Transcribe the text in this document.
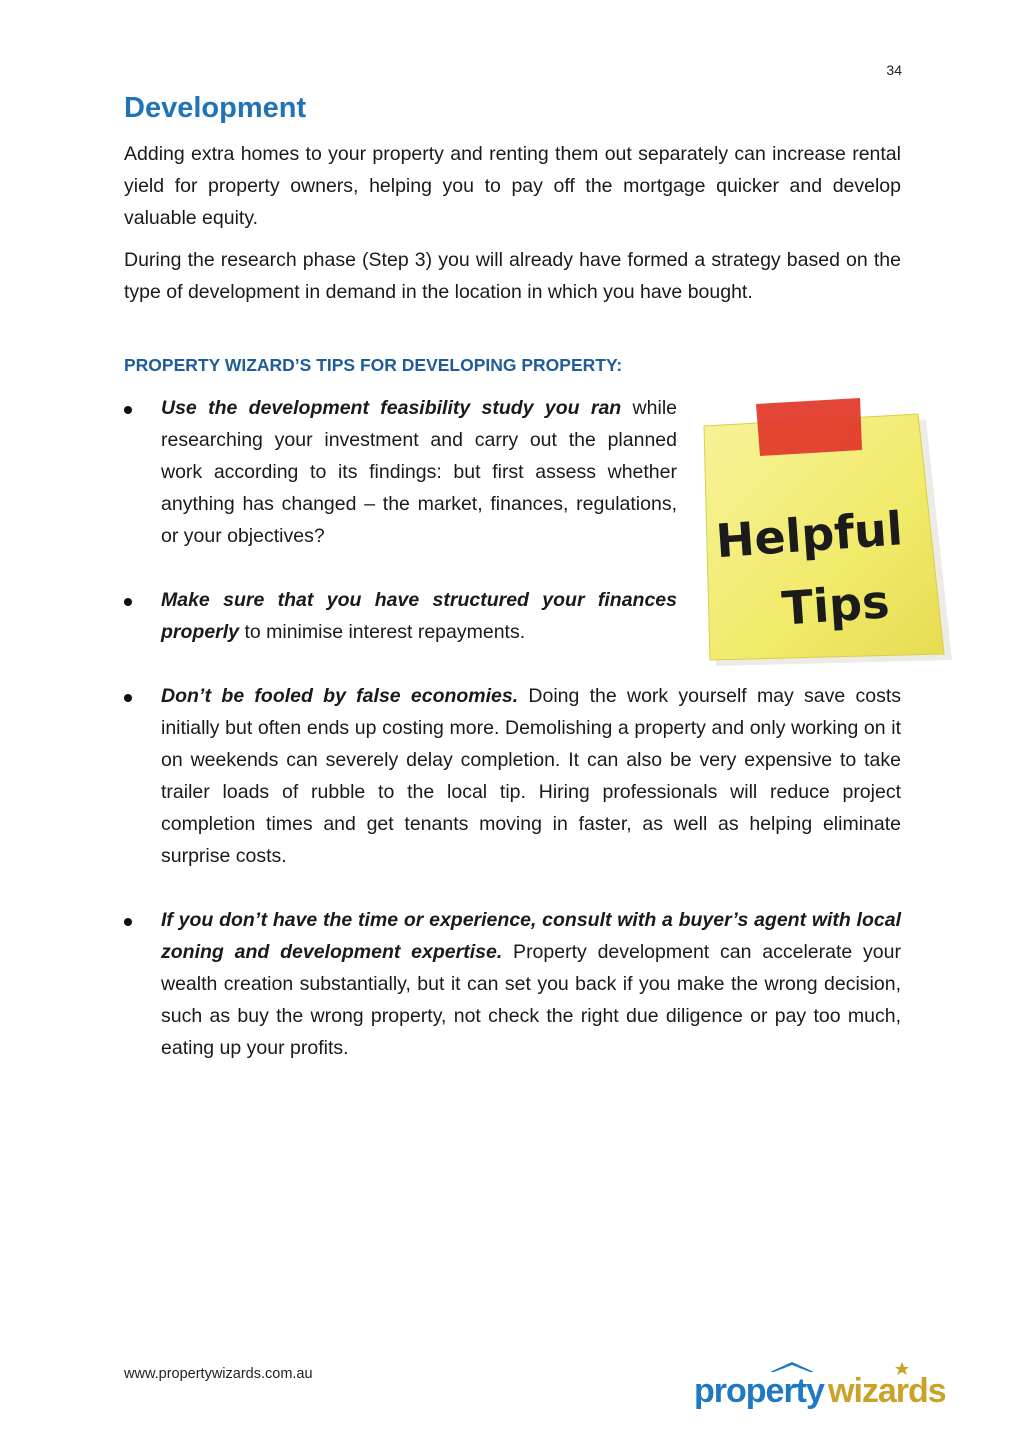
34
Development

Adding extra homes to your property and renting them out separately can increase rental yield for property owners, helping you to pay off the mortgage quicker and develop valuable equity.

During the research phase (Step 3) you will already have formed a strategy based on the type of development in demand in the location in which you have bought.

PROPERTY WIZARD’S TIPS FOR DEVELOPING PROPERTY:

Use the development feasibility study you ran while researching your investment and carry out the planned work according to its findings: but first assess whether anything has changed – the market, finances, regulations, or your objectives?

Make sure that you have structured your finances properly to minimise interest repayments.

Don’t be fooled by false economies. Doing the work yourself may save costs initially but often ends up costing more. Demolishing a property and only working on it on weekends can severely delay completion. It can also be very expensive to take trailer loads of rubble to the local tip. Hiring professionals will reduce project completion times and get tenants moving in faster, as well as helping eliminate surprise costs.

If you don’t have the time or experience, consult with a buyer’s agent with local zoning and development expertise. Property development can accelerate your wealth creation substantially, but it can set you back if you make the wrong decision, such as buy the wrong property, not check the right due diligence or pay too much, eating up your profits.

Helpful
Tips
www.propertywizards.com.au	property wizards
